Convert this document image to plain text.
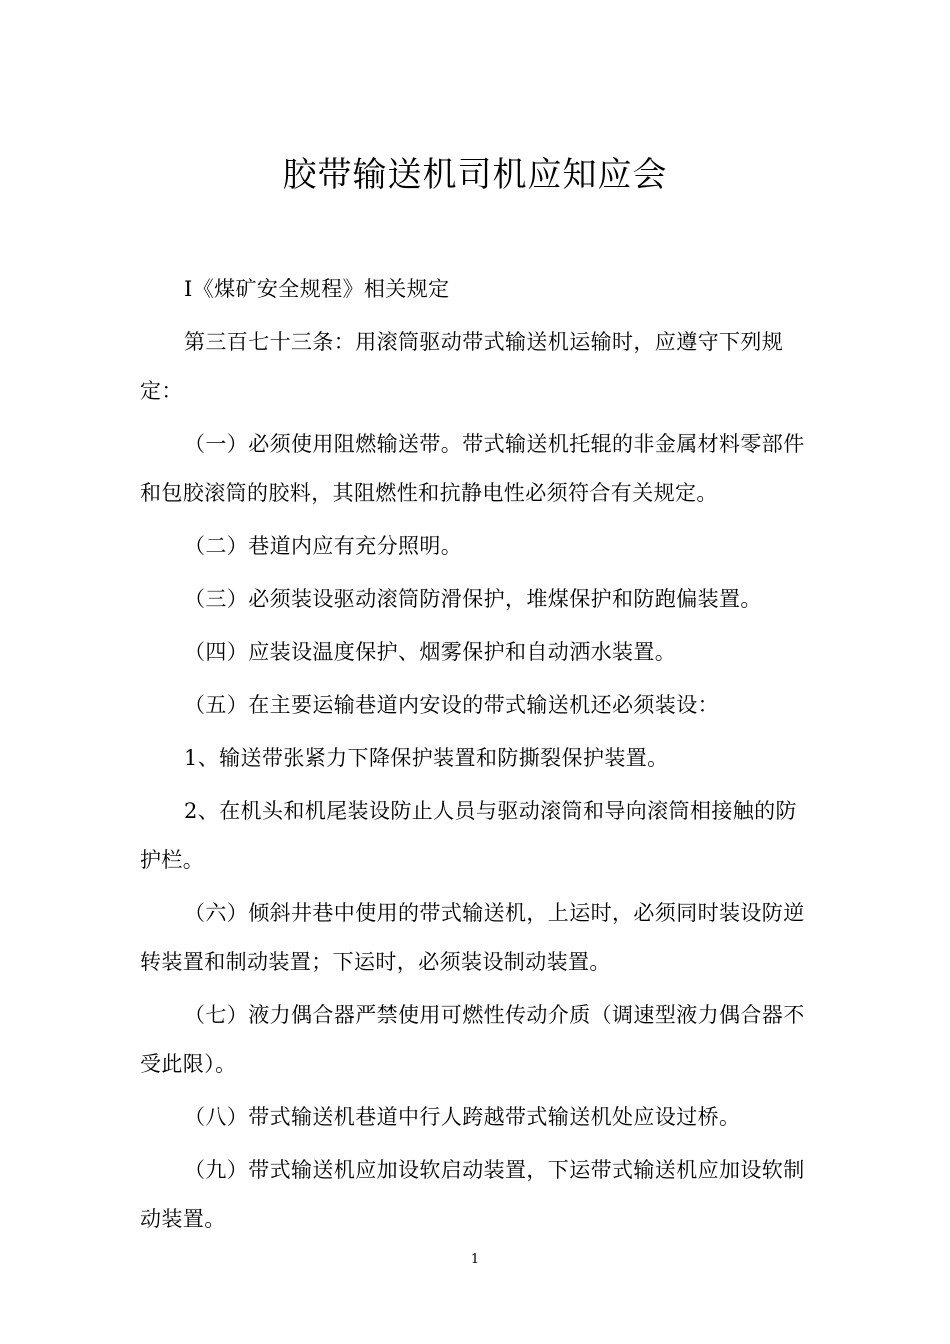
胶带输送机司机应知应会

Ⅰ《煤矿安全规程》相关规定

第三百七十三条：用滚筒驱动带式输送机运输时，应遵守下列规定：

（一）必须使用阻燃输送带。带式输送机托辊的非金属材料零部件和包胶滚筒的胶料，其阻燃性和抗静电性必须符合有关规定。

（二）巷道内应有充分照明。

（三）必须装设驱动滚筒防滑保护，堆煤保护和防跑偏装置。

（四）应装设温度保护、烟雾保护和自动洒水装置。

（五）在主要运输巷道内安设的带式输送机还必须装设：

1、输送带张紧力下降保护装置和防撕裂保护装置。

2、在机头和机尾装设防止人员与驱动滚筒和导向滚筒相接触的防护栏。

（六）倾斜井巷中使用的带式输送机，上运时，必须同时装设防逆转装置和制动装置；下运时，必须装设制动装置。

（七）液力偶合器严禁使用可燃性传动介质（调速型液力偶合器不受此限）。

（八）带式输送机巷道中行人跨越带式输送机处应设过桥。

（九）带式输送机应加设软启动装置，下运带式输送机应加设软制动装置。

1
